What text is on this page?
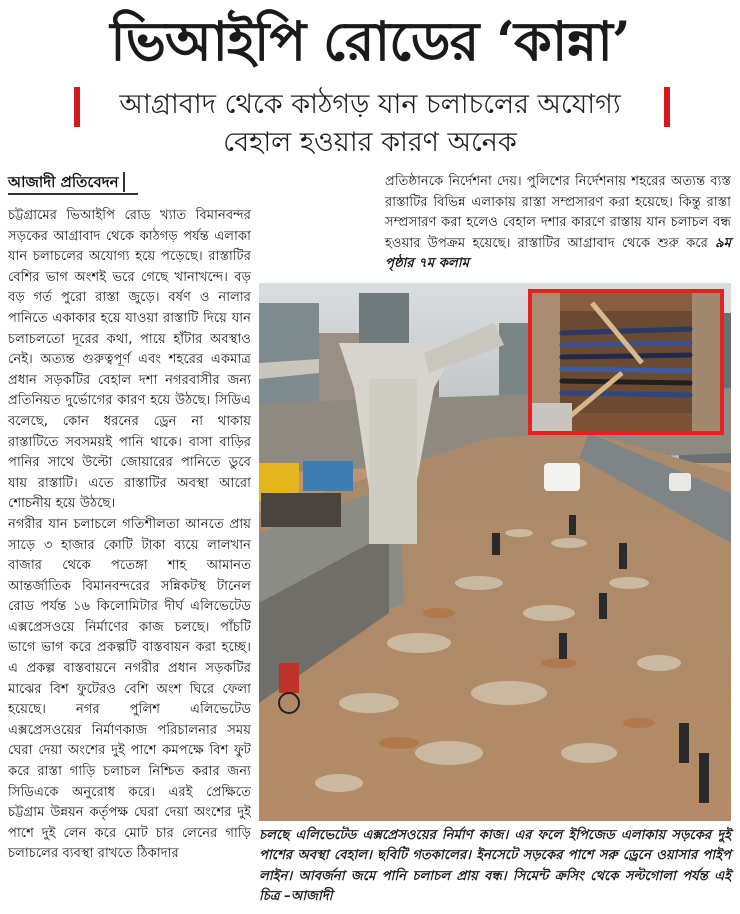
ভিআইপি রোডের ‘কান্না’
আগ্রাবাদ থেকে কাঠগড় যান চলাচলের অযোগ্য
বেহাল হওয়ার কারণ অনেক
আজাদী প্রতিবেদন

চট্টগ্রামের ভিআইপি রোড খ্যাত বিমানবন্দর সড়কের আগ্রাবাদ থেকে কাঠগড় পর্যন্ত এলাকা যান চলাচলের অযোগ্য হয়ে পড়েছে। রাস্তাটির বেশির ভাগ অংশই ভরে গেছে খানাখন্দে। বড় বড় গর্ত পুরো রাস্তা জুড়ে। বর্ষণ ও নালার পানিতে একাকার হয়ে যাওয়া রাস্তাটি দিয়ে যান চলাচলতো দূরের কথা, পায়ে হাঁটার অবস্থাও নেই। অত্যন্ত গুরুত্বপূর্ণ এবং শহরের একমাত্র প্রধান সড়কটির বেহাল দশা নগরবাসীর জন্য প্রতিনিয়ত দুর্ভোগের কারণ হয়ে উঠছে। সিডিএ বলেছে, কোন ধরনের ড্রেন না থাকায় রাস্তাটিতে সবসময়ই পানি থাকে। বাসা বাড়ির পানির সাথে উল্টো জোয়ারের পানিতে ডুবে যায় রাস্তাটি। এতে রাস্তাটির অবস্থা আরো শোচনীয় হয়ে উঠছে।

নগরীর যান চলাচলে গতিশীলতা আনতে প্রায় সাড়ে ৩ হাজার কোটি টাকা ব্যয়ে লালখান বাজার থেকে পতেঙ্গা শাহ আমানত আন্তর্জাতিক বিমানবন্দরের সন্নিকটস্থ টানেল রোড পর্যন্ত ১৬ কিলোমিটার দীর্ঘ এলিভেটেড এক্সপ্রেসওয়ে নির্মাণের কাজ চলছে। পাঁচটি ভাগে ভাগ করে প্রকল্পটি বাস্তবায়ন করা হচ্ছে। এ প্রকল্প বাস্তবায়নে নগরীর প্রধান সড়কটির মাঝের বিশ ফুটেরও বেশি অংশ ঘিরে ফেলা হয়েছে। নগর পুলিশ এলিভেটেড এক্সপ্রেসওয়ের নির্মাণকাজ পরিচালনার সময় ঘেরা দেয়া অংশের দুই পাশে কমপক্ষে বিশ ফুট করে রাস্তা গাড়ি চলাচল নিশ্চিত করার জন্য সিডিএকে অনুরোধ করে। এরই প্রেক্ষিতে চট্টগ্রাম উন্নয়ন কর্তৃপক্ষ ঘেরা দেয়া অংশের দুই পাশে দুই লেন করে মোট চার লেনের গাড়ি চলাচলের ব্যবস্থা রাখতে ঠিকাদার

প্রতিষ্ঠানকে নির্দেশনা দেয়। পুলিশের নির্দেশনায় শহরের অত্যন্ত ব্যস্ত রাস্তাটির বিভিন্ন এলাকায় রাস্তা সম্প্রসারণ করা হয়েছে। কিন্তু রাস্তা সম্প্রসারণ করা হলেও বেহাল দশার কারণে রাস্তায় যান চলাচল বন্ধ হওয়ার উপক্রম হয়েছে। রাস্তাটির আগ্রাবাদ থেকে শুরু করে ৯ম পৃষ্ঠার ৭ম কলাম

চলছে এলিভেটেড এক্সপ্রেসওয়ের নির্মাণ কাজ। এর ফলে ইপিজেড এলাকায় সড়কের দুই পাশের অবস্থা বেহাল। ছবিটি গতকালের। ইনসেটে সড়কের পাশে সরু ড্রেনে ওয়াসার পাইপ লাইন। আবর্জনা জমে পানি চলাচল প্রায় বন্ধ। সিমেন্ট ক্রসিং থেকে সল্টগোলা পর্যন্ত এই চিত্র –আজাদী
